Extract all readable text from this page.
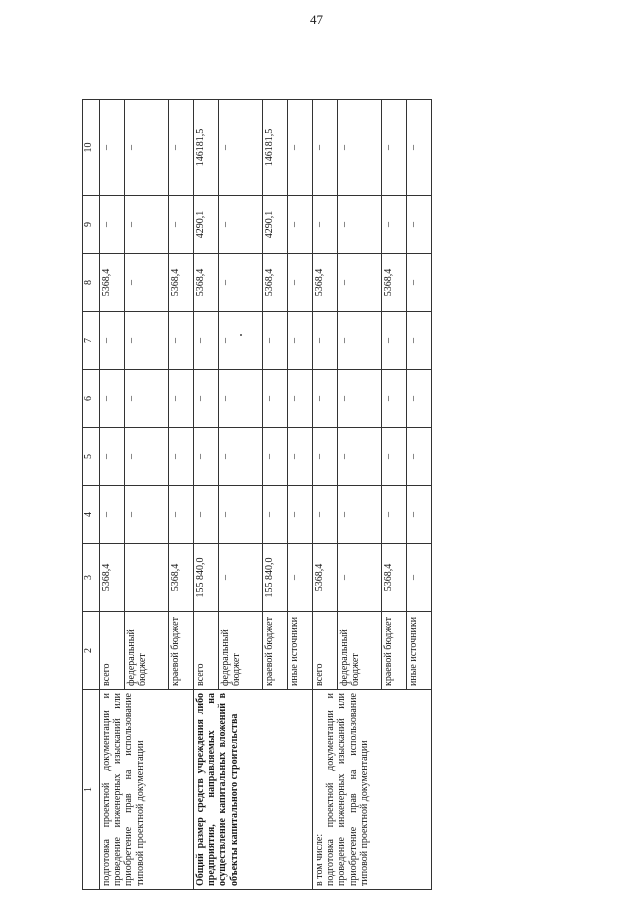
47
1	2	3	4	5	6	7	8	9	10

подготовка проектной документации и проведение инженерных изысканий или приобретение прав на использование типовой проектной документации	всего	5368,4	–	–	–	–	5368,4	–	–
	федеральный бюджет		–	–	–	–	–	–	–
	краевой бюджет	5368,4	–	–	–	–	5368,4	–	–

Общий размер средств учреждения либо предприятия, направляемых на осуществление капитальных вложений в объекты капитального строительства	всего	155 840,0	–	–	–	–	5368,4	4290,1	146181,5
	федеральный бюджет	–	–	–	–	–	–	–	–
	краевой бюджет	155 840,0	–	–	–	–	5368,4	4290,1	146181,5
	иные источники	–	–	–	–	–	–	–	–

в том числе: подготовка проектной документации и проведение инженерных изысканий или приобретение прав на использование типовой проектной документации	всего	5368,4	–	–	–	–	5368,4	–	–
	федеральный бюджет	–	–	–	–	–	–	–	–
	краевой бюджет	5368,4	–	–	–	–	5368,4	–	–
	иные источники	–	–	–	–	–	–	–	–
